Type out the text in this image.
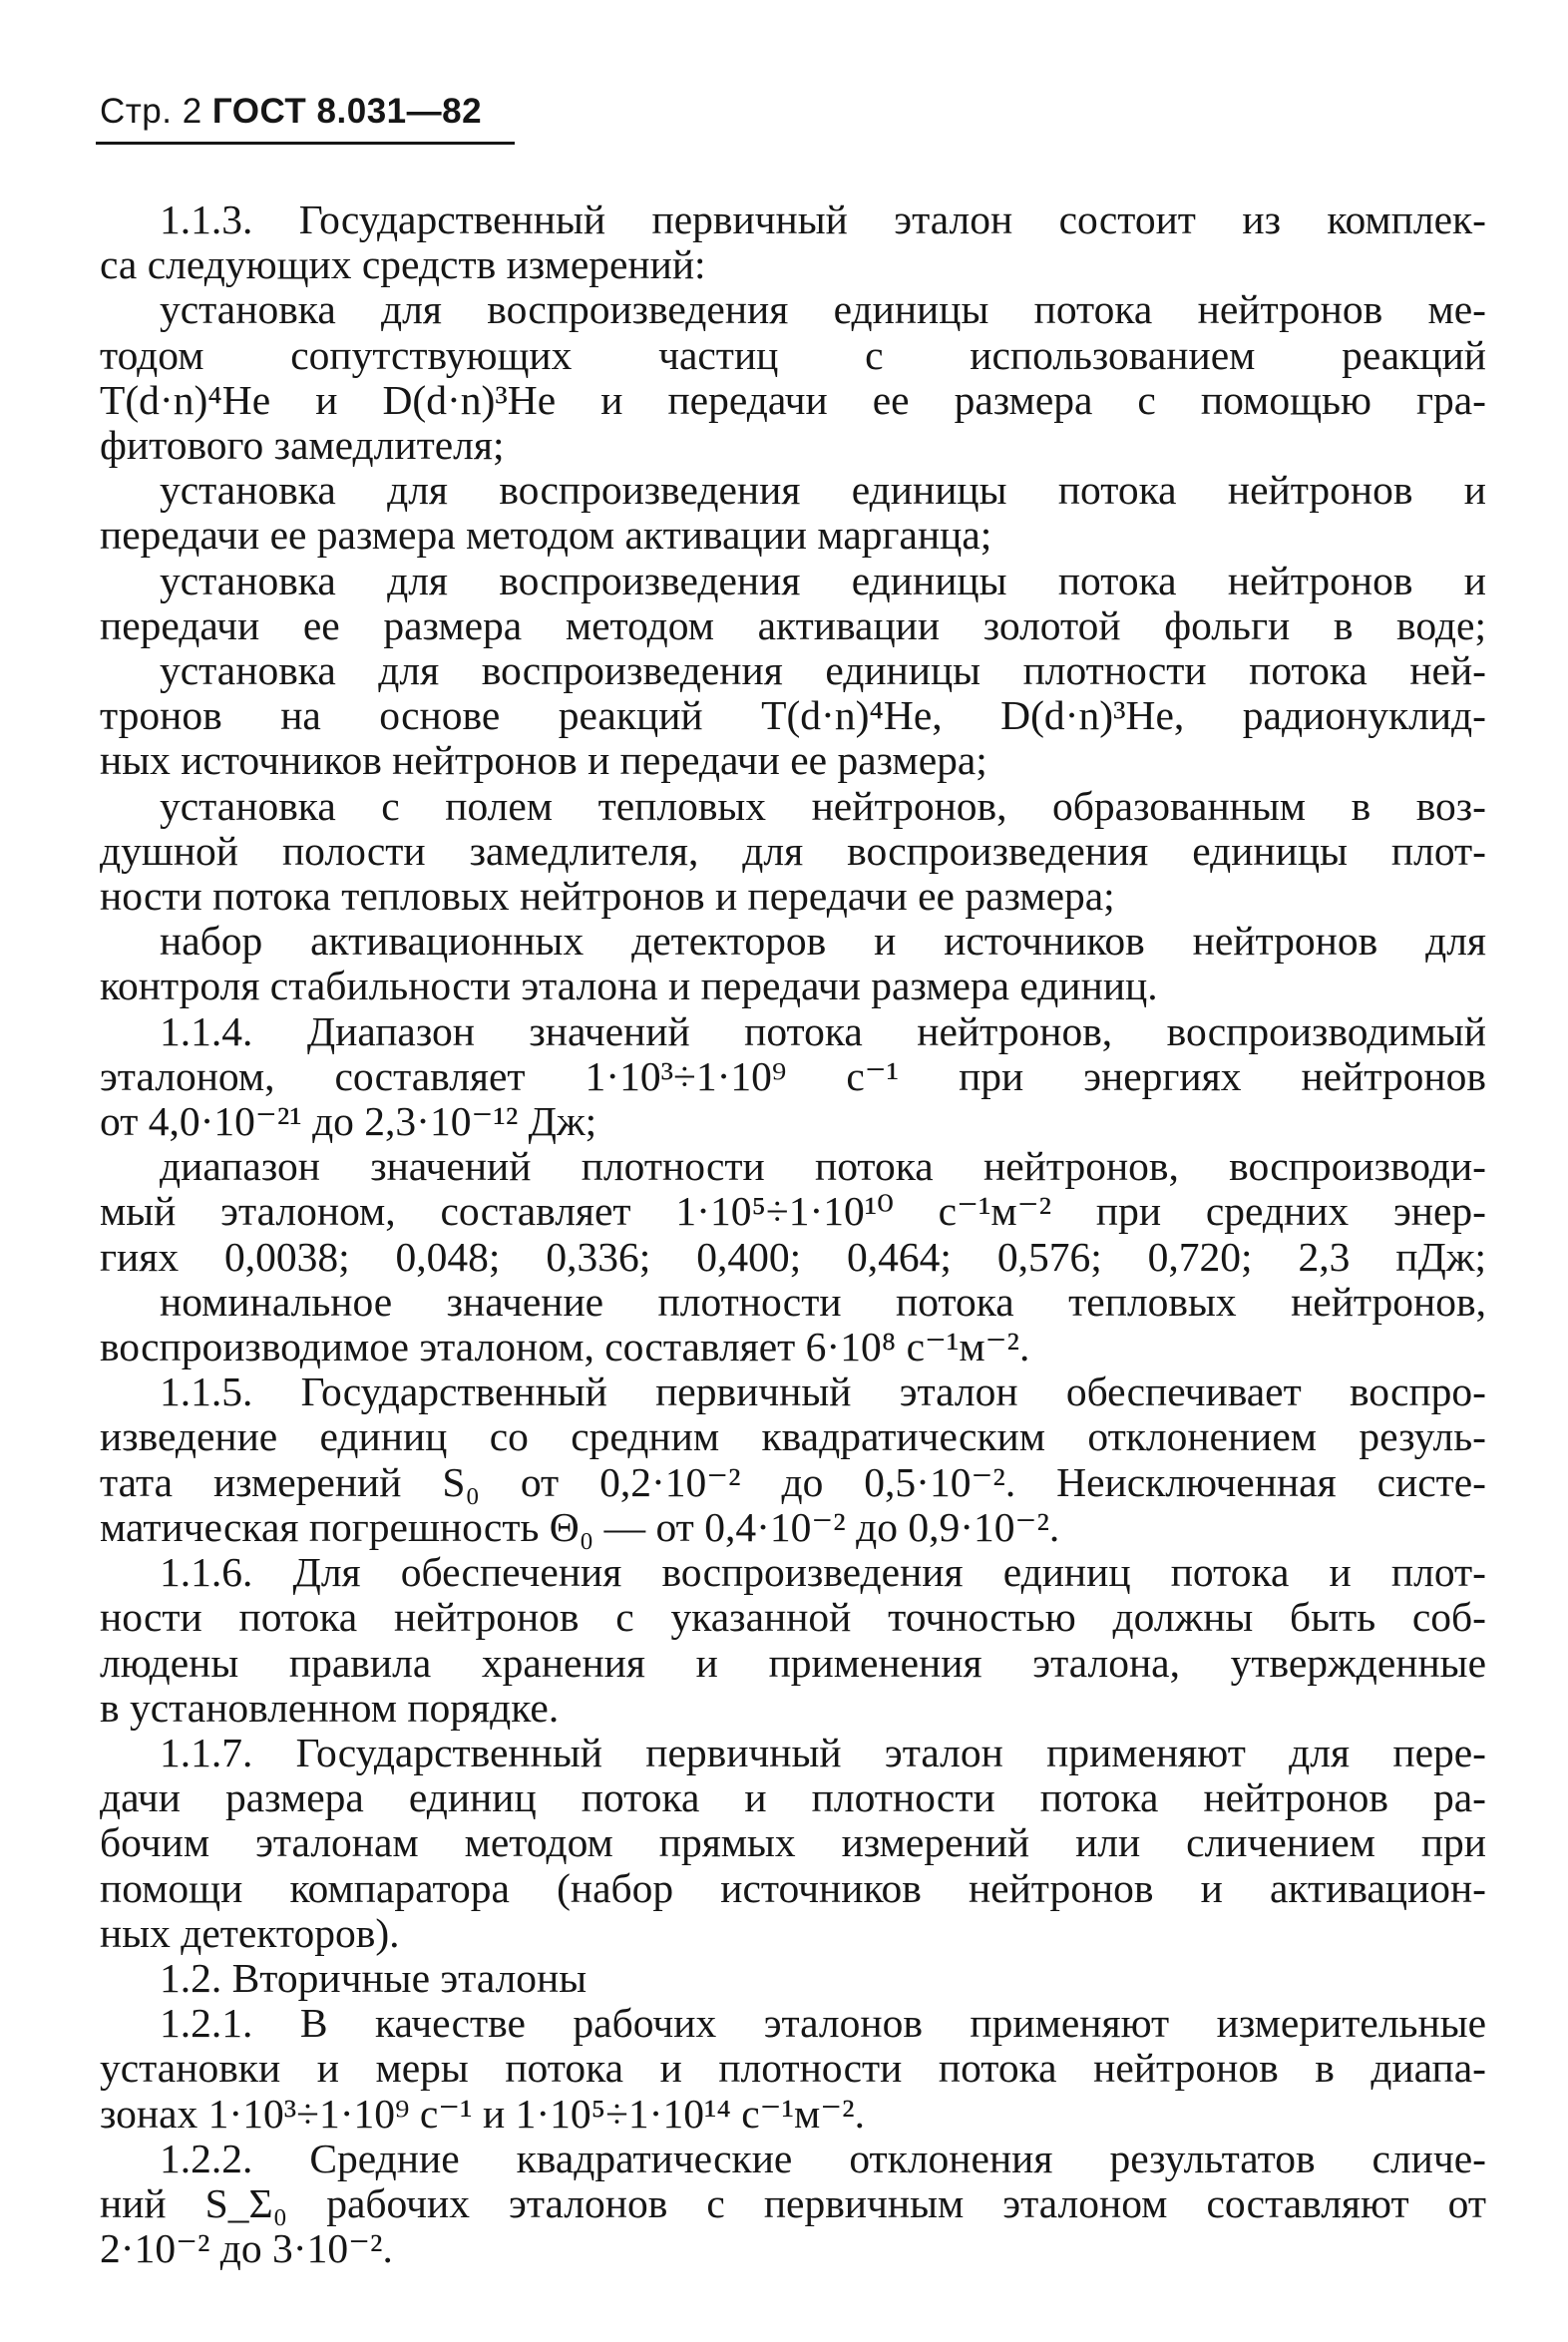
Стр. 2 ГОСТ 8.031—82
1.1.3. Государственный первичный эталон состоит из комплек-
са следующих средств измерений:
установка для воспроизведения единицы потока нейтронов ме-
тодом сопутствующих частиц с использованием реакций
T(d·n)⁴He и D(d·n)³He и передачи ее размера с помощью гра-
фитового замедлителя;
установка для воспроизведения единицы потока нейтронов и
передачи ее размера методом активации марганца;
установка для воспроизведения единицы потока нейтронов и
передачи ее размера методом активации золотой фольги в воде;
установка для воспроизведения единицы плотности потока ней-
тронов на основе реакций T(d·n)⁴He, D(d·n)³He, радионуклид-
ных источников нейтронов и передачи ее размера;
установка с полем тепловых нейтронов, образованным в воз-
душной полости замедлителя, для воспроизведения единицы плот-
ности потока тепловых нейтронов и передачи ее размера;
набор активационных детекторов и источников нейтронов для
контроля стабильности эталона и передачи размера единиц.
1.1.4. Диапазон значений потока нейтронов, воспроизводимый
эталоном, составляет 1·10³÷1·10⁹ с⁻¹ при энергиях нейтронов
от 4,0·10⁻²¹ до 2,3·10⁻¹² Дж;
диапазон значений плотности потока нейтронов, воспроизводи-
мый эталоном, составляет 1·10⁵÷1·10¹⁰ с⁻¹м⁻² при средних энер-
гиях 0,0038; 0,048; 0,336; 0,400; 0,464; 0,576; 0,720; 2,3 пДж;
номинальное значение плотности потока тепловых нейтронов,
воспроизводимое эталоном, составляет 6·10⁸ с⁻¹м⁻².
1.1.5. Государственный первичный эталон обеспечивает воспро-
изведение единиц со средним квадратическим отклонением резуль-
тата измерений S₀ от 0,2·10⁻² до 0,5·10⁻². Неисключенная систе-
матическая погрешность Θ₀ — от 0,4·10⁻² до 0,9·10⁻².
1.1.6. Для обеспечения воспроизведения единиц потока и плот-
ности потока нейтронов с указанной точностью должны быть соб-
людены правила хранения и применения эталона, утвержденные
в установленном порядке.
1.1.7. Государственный первичный эталон применяют для пере-
дачи размера единиц потока и плотности потока нейтронов ра-
бочим эталонам методом прямых измерений или сличением при
помощи компаратора (набор источников нейтронов и активацион-
ных детекторов).
1.2. Вторичные эталоны
1.2.1. В качестве рабочих эталонов применяют измерительные
установки и меры потока и плотности потока нейтронов в диапа-
зонах 1·10³÷1·10⁹ с⁻¹ и 1·10⁵÷1·10¹⁴ с⁻¹м⁻².
1.2.2. Средние квадратические отклонения результатов сличе-
ний S_Σ₀ рабочих эталонов с первичным эталоном составляют от
2·10⁻² до 3·10⁻².
